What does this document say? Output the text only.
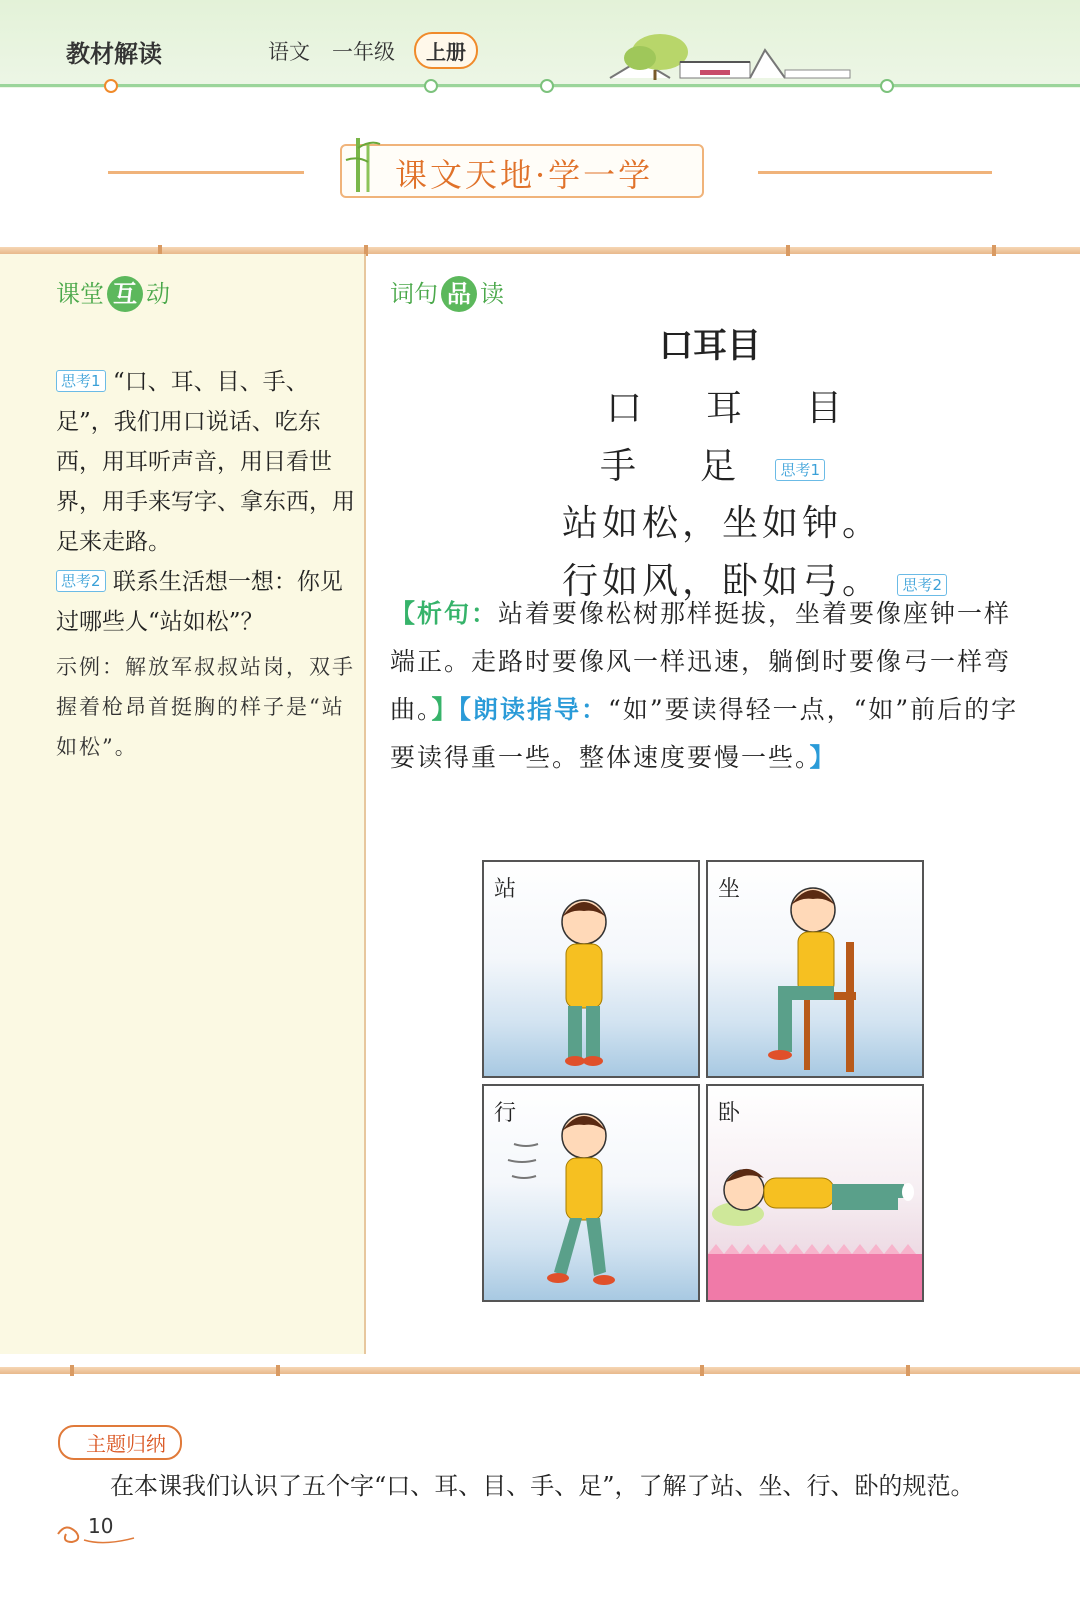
教材解读	语文 一年级	上册
课文天地·学一学
课堂 互 动
思考1 “口、耳、目、手、足”，我们用口说话、吃东西，用耳听声音，用目看世界，用手来写字、拿东西，用足来走路。
思考2 联系生活想一想：你见过哪些人“站如松”？
示例：解放军叔叔站岗，双手握着枪昂首挺胸的样子是“站如松”。
词句 品 读
口耳目
口　耳　目
手　足 思考1
站如松，坐如钟。
行如风，卧如弓。 思考2
【析句：站着要像松树那样挺拔，坐着要像座钟一样端正。走路时要像风一样迅速，躺倒时要像弓一样弯曲。】【朗读指导：“如”要读得轻一点，“如”前后的字要读得重一些。整体速度要慢一些。】
站	坐
行	卧
主题归纳
在本课我们认识了五个字“口、耳、目、手、足”，了解了站、坐、行、卧的规范。
10
